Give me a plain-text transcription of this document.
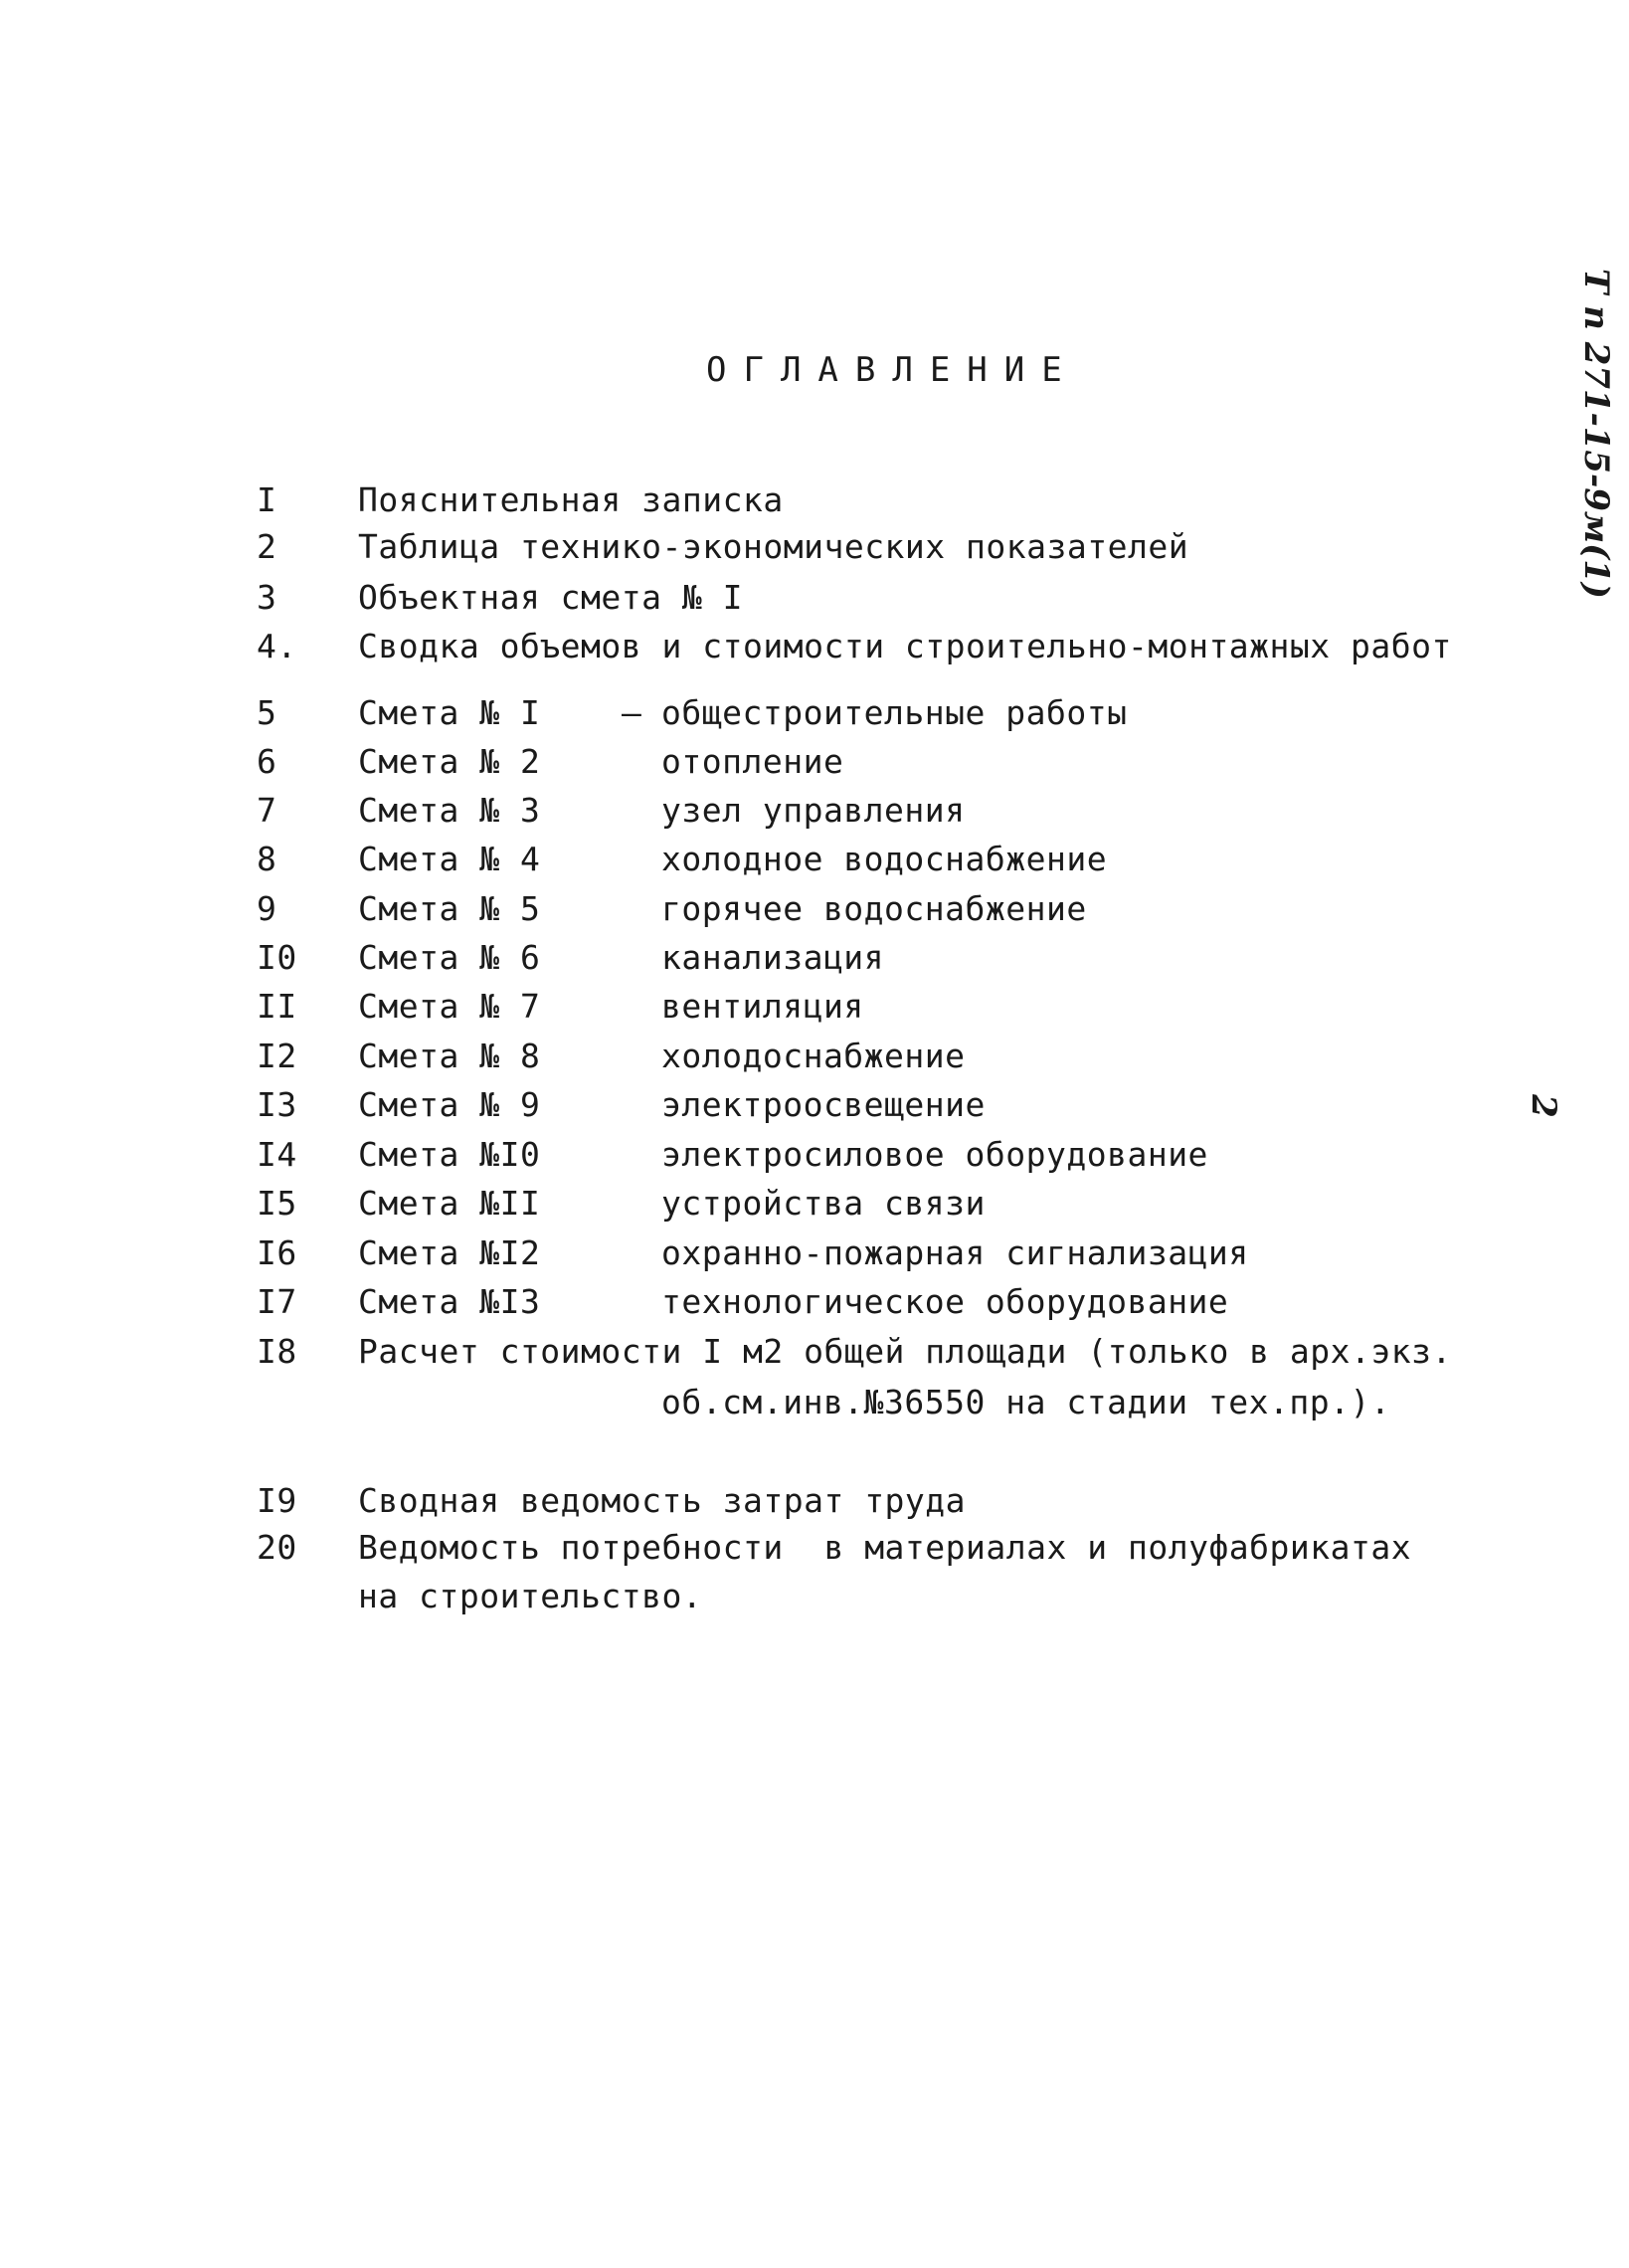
ОГЛАВЛЕНИЕ	Т п 271-15-9м(1)
2
I Пояснительная записка
2 Таблица технико-экономических показателей
3 Объектная смета № I
4. Сводка объемов и стоимости строительно-монтажных работ
5 Смета № I – общестроительные работы
6 Смета № 2	отопление
7 Смета № 3	узел управления
8 Смета № 4	холодное водоснабжение
9 Смета № 5	горячее водоснабжение
I0 Смета № 6	канализация
II Смета № 7	вентиляция
I2 Смета № 8	холодоснабжение
I3 Смета № 9	электроосвещение
I4 Смета №I0	электросиловое оборудование
I5 Смета №II	устройства связи
I6 Смета №I2	охранно-пожарная сигнализация
I7 Смета №I3	технологическое оборудование
I8 Расчет стоимости I м2 общей площади (только в арх.экз.
об.см.инв.№36550 на стадии тех.пр.).
I9 Сводная ведомость затрат труда
20 Ведомость потребности  в материалах и полуфабрикатах
на строительство.
